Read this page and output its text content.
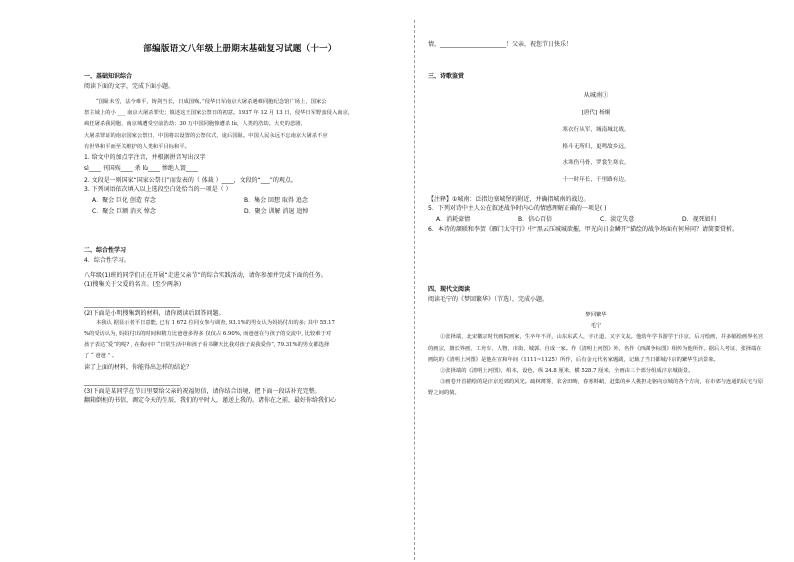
部编版语文八年级上册期末基础复习试题（十一）
一、基础知识综合

阅读下面的文字，完成下面小题。

“国耻未雪，法今难平，铸剑当长，日成国殇。”侵华日军南京大屠杀遇难同胞纪念馆广场上，国家公

祭主域上的小 ___ 南京大屠杀罪史；镇述这王国家公祭日的初意。1937 年 12 月 13 日，侵华日军野蛮侵入南京，

疯狂屠杀我同胞，南京城遭受空前浩劫；30 万中国同胞惨遭杀 lù，人类的浩劫。大史的悲剧，

大屠杀罪证的南京国家公祭日，中国将以设置的公祭仪式，庞后国耻。中国人民永远不忘南京大屠杀不应

有世界和平而至关维护的人类和平目标和平。

1. 给文中的加点字注音，并根据拼音写出汉字

sì____ 刊国殇____ 杀 lù____ 惨绝人寰____

2. 文段是一则国家“国家公祭日”而发表的（ 体裁 ）____，文段的“___”的观点。

3. 下列词语依次填入以上选段空白处恰当的一项是（ ）

A．聚会 巨化 创造 存念	B．集会 回想 取得 追念
C．聚会 巨额 消灭 悼念	D．聚会 训解 消退 追悼
二、综合性学习

4．综合性学习。

八年级(1)班的同学们正在开展“走进父亲节”的综合实践活动，请你参加并完成下面的任务。

(1)搜集关于父爱的名言。(至少两条)

________________________________

(2)下面是小明搜集到的材料，请你阅读后回答问题。

本我认 据显示者平日意能, 已有 1 672 位同女参与调查, 93.1%的男女认为妈妈付出的多; 其中 55.17

%的受访认为, 妈妈付出的时间和精力比爸爸多得多 仅仅占 6.90%, 而爸爸在与孩子的交流中, 比较难于对

孩子表达“爱”的呢? , 在我问中 “日常生活中和孩子看书聊天比我对孩子说我爱你”, 79.31%的男女都选择

了 “ 爸爸 ” 。

读了上面的材料，你能得出怎样的结论？

________________________________

(3)下面是某同学在节日里要给父亲的祝福短信，请你结合语境，把下面一段话补充完整。

翻箱倒柜的书信，调定今天的生辰，我们的平时人，谨送上我的。诸你在之前，最好你给我们心

情，______________________！父亲，祝您节日快乐！

三、诗歌鉴赏
从城南①
[唐代] 杨炯
寒衣行从军，城南城北战。
格斗无所归，更鸣故乡远。
水寒伤马骨，罗裳生寒衣。
十一时年长，千里路有边。

【注释】①城南：泛指边塞城堡的附近，并确指城南的战边。

5．下列对诗中主人公在叙述战争时内心的情感理解正确的一项是( )

A．消耗豪情	B．信心百倍	C．淡定失意	D．视死如归

6．本诗的颔联和李贺《雁门太守行》中“黑云压城城欲摧，甲光向日金鳞开”描绘的战争场面有何异同？请简要赏析。

四、现代文阅读

阅读毛宁的《梦回繁华》（节选），完成小题。

梦回繁华

毛宁

①张择端，北宋徽宗时代画院画家，生卒年不详，山东东武人，字正道，又字文友。他幼年学书游学于汴京，后习绘画，并多幅绘画界名宫的画宗，擅长界画，工舟车、人物、市街、城郭，自成一家。作《清明上河图》外，名作《西湖争标图》相传为他所作。据后人考证，张择端在画院的《清明上河图》是他在宣和年间（1111~1125）所作，后有金元代名家题跋，记载了当日都城汴京的繁华生活景象。

②张择端的《清明上河图》，绢本，设色，纵 24.8 厘米，横 528.7 厘米，全画由三个部分组成汴京城街景。

③画卷开首描绘的是汴京近郊的风光。疏林薄雾，农舍田畴，春寒料峭，赶集的乡人挑担走驱向京城的各个方向，在市郊与连通的民宅与原野之间的骑。
